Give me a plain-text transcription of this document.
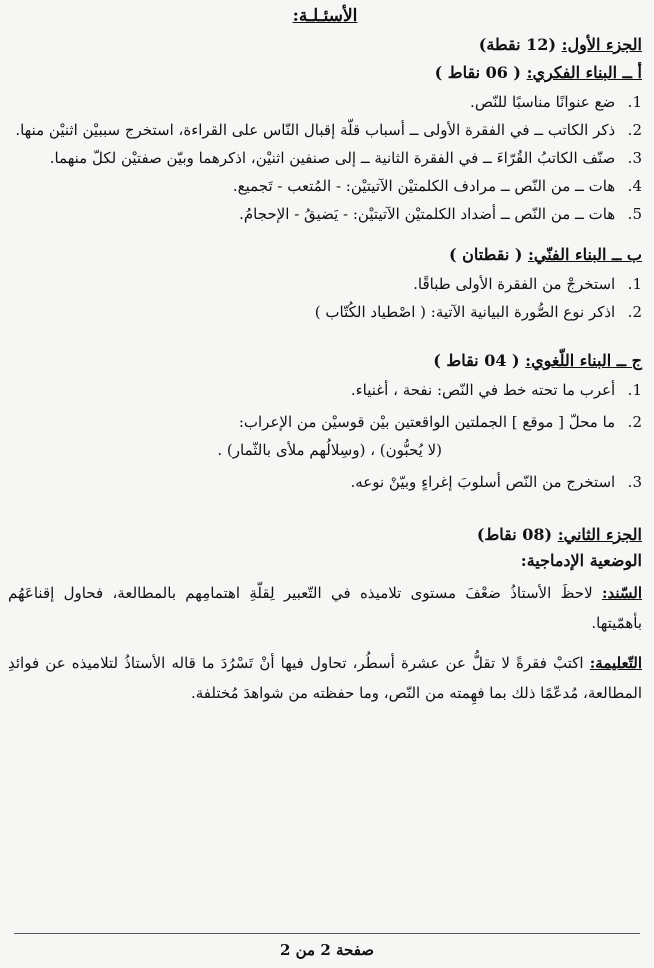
الأسئـلـة:
الجزء الأول: (12 نقطة)
أ ــ البناء الفكري: ( 06 نقاط )
1. ضع عنوانًا مناسبًا للنّص.
2. ذكر الكاتب ــ في الفقرة الأولى ــ أسباب قلّة إقبال النّاس على القراءة، استخرج سببيْن اثنيْن منها.
3. صنّف الكاتبُ القُرّاءَ ــ في الفقرة الثانية ــ إلى صنفين اثنيْن، اذكرهما وبيّن صفتيْن لكلّ منهما.
4. هات ــ من النّص ــ مرادف الكلمتيْن الآتيتيْن: - المُتعب - تَجميع.
5. هات ــ من النّص ــ أضداد الكلمتيْن الآتيتيْن: - يَضيقُ - الإحجامُ.
ب ــ البناء الفنّي: ( نقطتان )
1. استخرجْ من الفقرة الأولى طباقًا.
2. اذكر نوع الصُّورة البيانية الآتية: ( اصْطياد الكُتّاب )
ج ــ البناء اللّغوي: ( 04 نقاط )
1. أعرب ما تحته خط في النّص: نفحة ، أغنياء.
2. ما محلّ [ موقع ] الجملتين الواقعتين بيْن قوسيْن من الإعراب:
(لا يُحبُّون) ، (وسِلالُهم ملأى بالثّمار) .
3. استخرج من النّص أسلوبَ إغراءٍ وبيّنْ نوعه.
الجزء الثاني: (08 نقاط)
الوضعية الإدماجية:

السّند: لاحظَ الأستاذُ ضعْفَ مستوى تلاميذه في التّعبير لِقلّةِ اهتمامِهم بالمطالعة، فحاول إقناعَهُم بأهمّيتها.

التّعليمة: اكتبْ فقرةً لا تقلُّ عن عشرة أسطُر، تحاول فيها أنْ تَسْرُدَ ما قاله الأستاذُ لتلاميذه عن فوائدِ المطالعة، مُدعّمًا ذلك بما فهِمته من النّص، وما حفظته من شواهدَ مُختلفة.

صفحة 2 من 2
